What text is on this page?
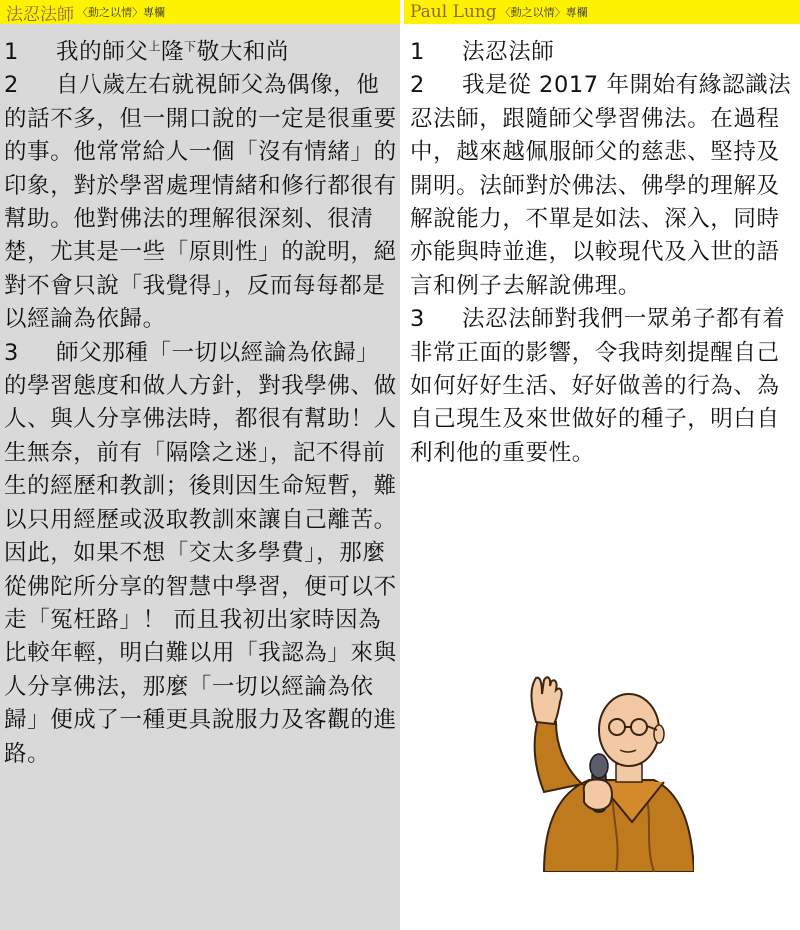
法忍法師 〈動之以情〉專欄

1 我的師父$^上$隆$^下$敬大和尚

2 自八歲左右就視師父為偶像，他的話不多，但一開口說的一定是很重要的事。他常常給人一個「沒有情緒」的印象，對於學習處理情緒和修行都很有幫助。他對佛法的理解很深刻、很清楚，尤其是一些「原則性」的說明，絕對不會只說「我覺得」，反而每每都是以經論為依歸。

3 師父那種「一切以經論為依歸」的學習態度和做人方針，對我學佛、做人、與人分享佛法時，都很有幫助！人生無奈，前有「隔陰之迷」，記不得前生的經歷和教訓；後則因生命短暫，難以只用經歷或汲取教訓來讓自己離苦。因此，如果不想「交太多學費」，那麼從佛陀所分享的智慧中學習，便可以不走「冤枉路」！ 而且我初出家時因為比較年輕，明白難以用「我認為」來與人分享佛法，那麼「一切以經論為依歸」便成了一種更具說服力及客觀的進路。

Paul Lung 〈動之以情〉專欄

1 法忍法師

2 我是從 2017 年開始有緣認識法忍法師，跟隨師父學習佛法。在過程中，越來越佩服師父的慈悲、堅持及開明。法師對於佛法、佛學的理解及解說能力，不單是如法、深入，同時亦能與時並進，以較現代及入世的語言和例子去解說佛理。

3 法忍法師對我們一眾弟子都有着非常正面的影響，令我時刻提醒自己如何好好生活、好好做善的行為、為自己現生及來世做好的種子，明白自利利他的重要性。
